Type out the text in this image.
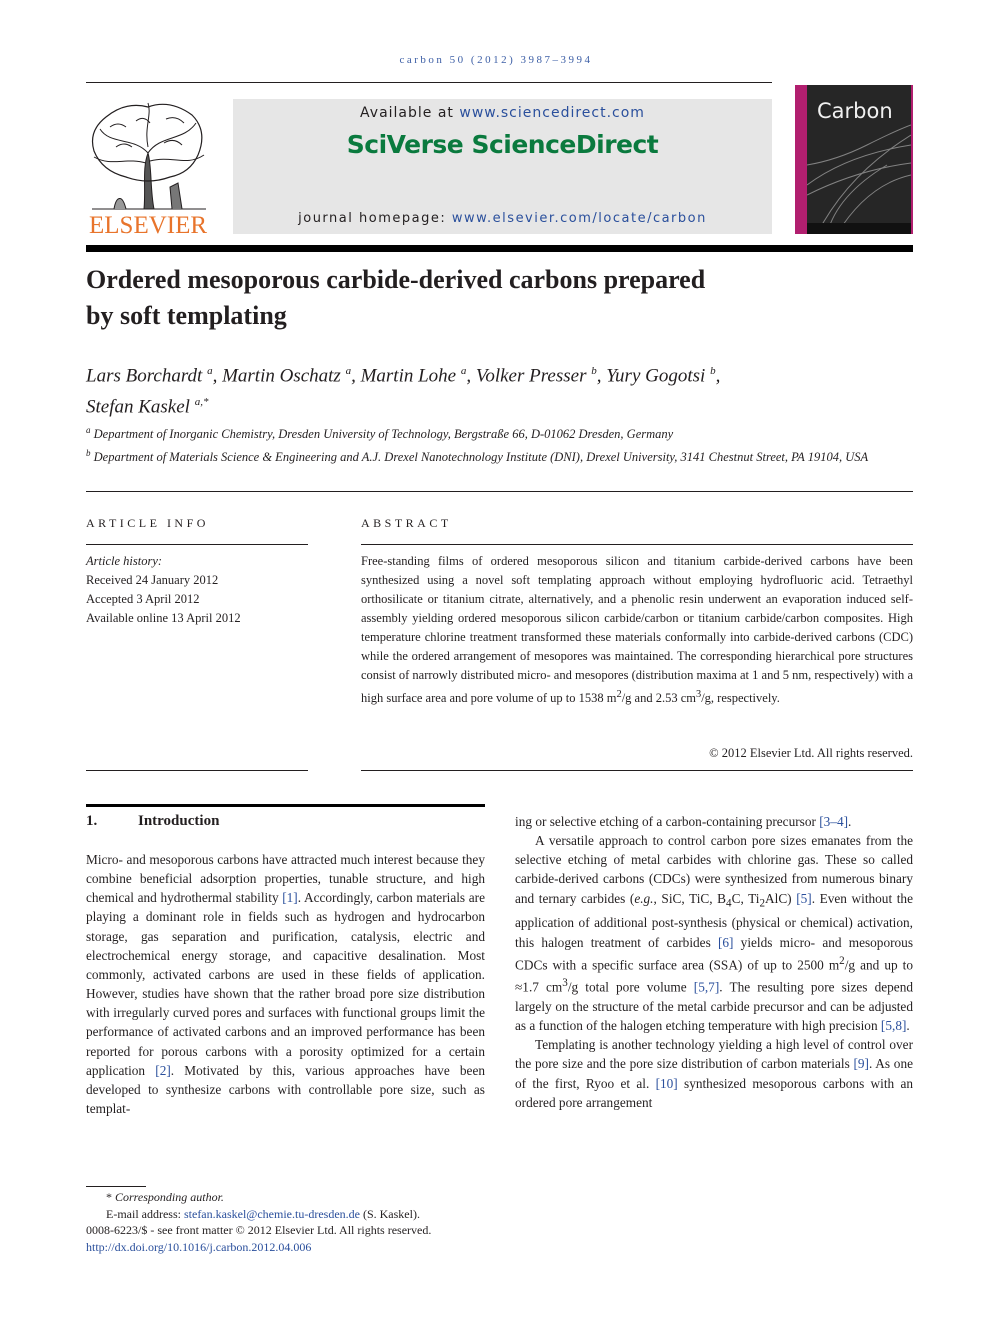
carbon 50 (2012) 3987–3994
ELSEVIER
Available at www.sciencedirect.com
SciVerse ScienceDirect
journal homepage: www.elsevier.com/locate/carbon
Carbon
Ordered mesoporous carbide-derived carbons prepared
by soft templating
Lars Borchardt $^a$, Martin Oschatz $^a$, Martin Lohe $^a$, Volker Presser $^b$, Yury Gogotsi $^b$,
Stefan Kaskel $^{a,*}$
$^a$ Department of Inorganic Chemistry, Dresden University of Technology, Bergstraße 66, D-01062 Dresden, Germany
$^b$ Department of Materials Science & Engineering and A.J. Drexel Nanotechnology Institute (DNI), Drexel University, 3141 Chestnut Street, PA 19104, USA
ARTICLE INFO
Article history:
Received 24 January 2012
Accepted 3 April 2012
Available online 13 April 2012
ABSTRACT
Free-standing films of ordered mesoporous silicon and titanium carbide-derived carbons have been synthesized using a novel soft templating approach without employing hydrofluoric acid. Tetraethyl orthosilicate or titanium citrate, alternatively, and a phenolic resin underwent an evaporation induced self-assembly yielding ordered mesoporous silicon carbide/carbon or titanium carbide/carbon composites. High temperature chlorine treatment transformed these materials conformally into carbide-derived carbons (CDC) while the ordered arrangement of mesopores was maintained. The corresponding hierarchical pore structures consist of narrowly distributed micro- and mesopores (distribution maxima at 1 and 5 nm, respectively) with a high surface area and pore volume of up to 1538 $m^2/g$ and 2.53 $cm^3/g$, respectively.
© 2012 Elsevier Ltd. All rights reserved.
1.	Introduction

Micro- and mesoporous carbons have attracted much interest because they combine beneficial adsorption properties, tunable structure, and high chemical and hydrothermal stability [1]. Accordingly, carbon materials are playing a dominant role in fields such as hydrogen and hydrocarbon storage, gas separation and purification, catalysis, electric and electrochemical energy storage, and capacitive desalination. Most commonly, activated carbons are used in these fields of application. However, studies have shown that the rather broad pore size distribution with irregularly curved pores and surfaces with functional groups limit the performance of activated carbons and an improved performance has been reported for porous carbons with a porosity optimized for a certain application [2]. Motivated by this, various approaches have been developed to synthesize carbons with controllable pore size, such as templat-

ing or selective etching of a carbon-containing precursor [3–4].

A versatile approach to control carbon pore sizes emanates from the selective etching of metal carbides with chlorine gas. These so called carbide-derived carbons (CDCs) were synthesized from numerous binary and ternary carbides (e.g., SiC, TiC, $B_4C$, $Ti_2AlC$) [5]. Even without the application of additional post-synthesis (physical or chemical) activation, this halogen treatment of carbides [6] yields micro- and mesoporous CDCs with a specific surface area (SSA) of up to 2500 $m^2/g$ and up to ≈1.7 $cm^3/g$ total pore volume [5,7]. The resulting pore sizes depend largely on the structure of the metal carbide precursor and can be adjusted as a function of the halogen etching temperature with high precision [5,8].

Templating is another technology yielding a high level of control over the pore size and the pore size distribution of carbon materials [9]. As one of the first, Ryoo et al. [10] synthesized mesoporous carbons with an ordered pore arrangement

* Corresponding author.
E-mail address: stefan.kaskel@chemie.tu-dresden.de (S. Kaskel).
0008-6223/$ - see front matter © 2012 Elsevier Ltd. All rights reserved.
http://dx.doi.org/10.1016/j.carbon.2012.04.006
